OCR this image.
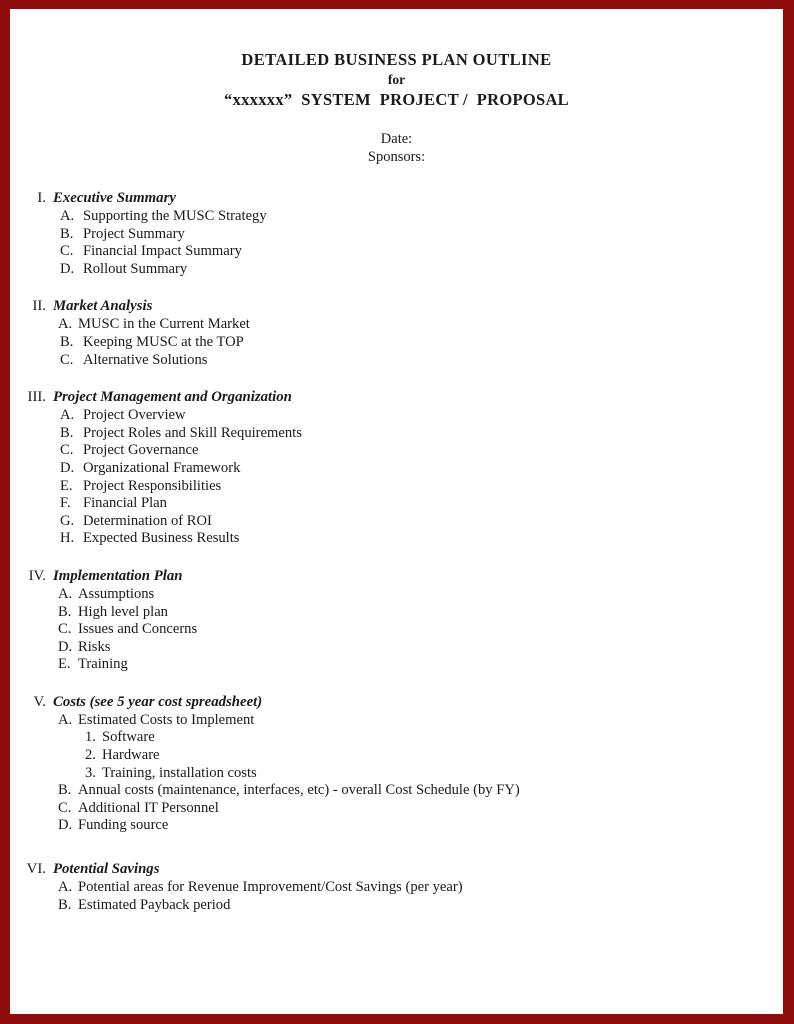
DETAILED BUSINESS PLAN OUTLINE
for
“xxxxxx”  SYSTEM  PROJECT /  PROPOSAL
Date:
Sponsors:
I. Executive Summary
A. Supporting the MUSC Strategy
B. Project Summary
C. Financial Impact Summary
D. Rollout Summary
II. Market Analysis
A. MUSC in the Current Market
B. Keeping MUSC at the TOP
C. Alternative Solutions
III. Project Management and Organization
A. Project Overview
B. Project Roles and Skill Requirements
C. Project Governance
D. Organizational Framework
E. Project Responsibilities
F. Financial Plan
G. Determination of ROI
H. Expected Business Results
IV. Implementation Plan
A. Assumptions
B. High level plan
C. Issues and Concerns
D. Risks
E. Training
V. Costs (see 5 year cost spreadsheet)
A. Estimated Costs to Implement
1. Software
2. Hardware
3. Training, installation costs
B. Annual costs (maintenance, interfaces, etc) - overall Cost Schedule (by FY)
C. Additional IT Personnel
D. Funding source
VI. Potential Savings
A. Potential areas for Revenue Improvement/Cost Savings (per year)
B. Estimated Payback period
